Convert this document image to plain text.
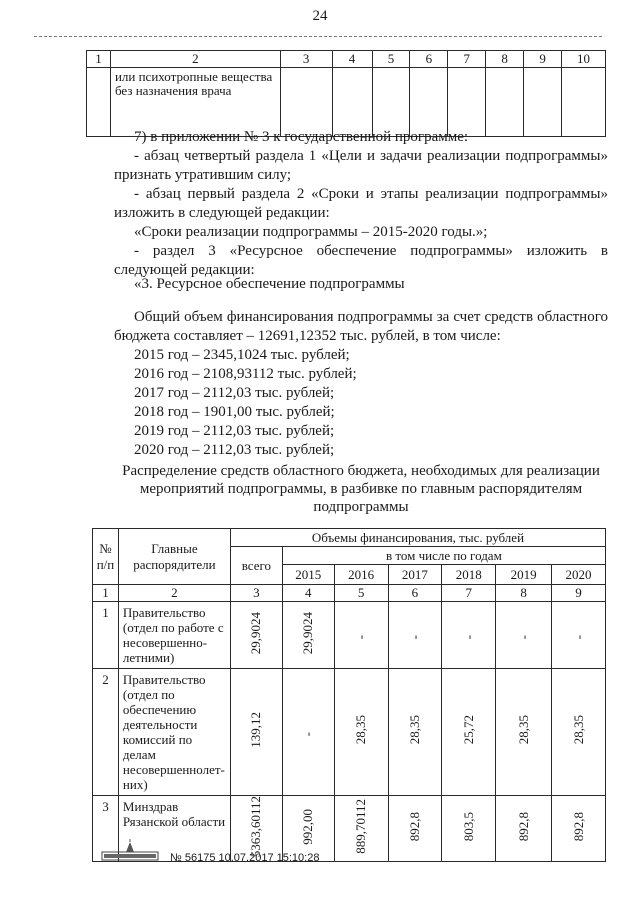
24
1	2	3	4	5	6	7	8	9	10
	или психотропные вещества без назначения врача								
7) в приложении № 3 к государственной программе:
- абзац четвертый раздела 1 «Цели и задачи реализации подпрограммы» признать утратившим силу;
- абзац первый раздела 2 «Сроки и этапы реализации подпрограммы» изложить в следующей редакции:
«Сроки реализации подпрограммы – 2015-2020 годы.»;
- раздел 3 «Ресурсное обеспечение подпрограммы» изложить в следующей редакции:
«3. Ресурсное обеспечение подпрограммы
Общий объем финансирования подпрограммы за счет средств областного бюджета составляет – 12691,12352 тыс. рублей, в том числе:
2015 год – 2345,1024 тыс. рублей;
2016 год – 2108,93112 тыс. рублей;
2017 год – 2112,03 тыс. рублей;
2018 год – 1901,00 тыс. рублей;
2019 год – 2112,03 тыс. рублей;
2020 год – 2112,03 тыс. рублей;
Распределение средств областного бюджета, необходимых для реализации мероприятий подпрограммы, в разбивке по главным распорядителям подпрограммы
№ п/п	Главные распорядители	Объемы финансирования, тыс. рублей						
		всего	в том числе по годам					
			2015	2016	2017	2018	2019	2020
1	2	3	4	5	6	7	8	9
1	Правительство (отдел по работе с несовершенно-летними)	29,9024	29,9024	-	-	-	-	-
2	Правительство (отдел по обеспечению деятельности комиссий по делам несовершеннолет-них)	139,12	-	28,35	28,35	25,72	28,35	28,35
3	Минздрав Рязанской области	5363,60112	992,00	889,70112	892,8	803,5	892,8	892,8
№ 56175 10.07.2017 15:10:28
